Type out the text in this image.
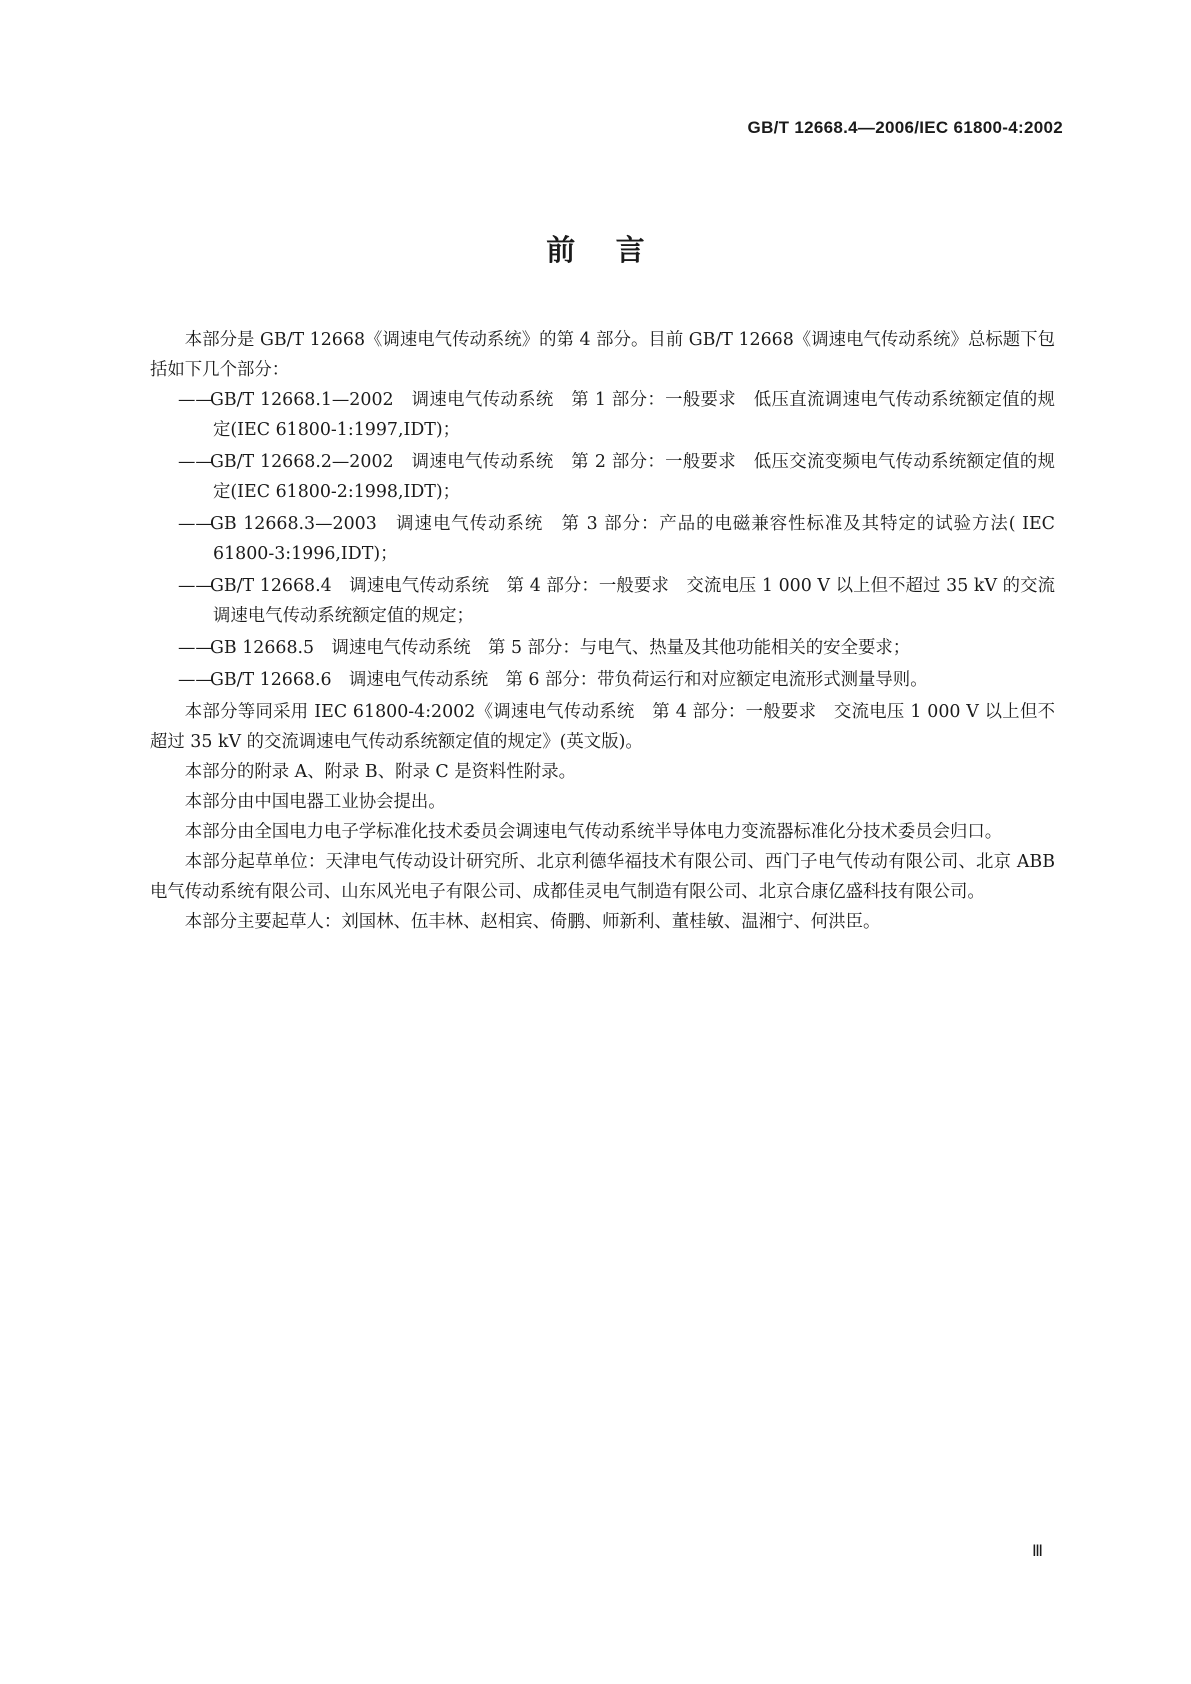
GB/T 12668.4—2006/IEC 61800-4:2002
前    言

本部分是 GB/T 12668《调速电气传动系统》的第 4 部分。目前 GB/T 12668《调速电气传动系统》总标题下包括如下几个部分：

——GB/T 12668.1—2002　调速电气传动系统　第 1 部分：一般要求　低压直流调速电气传动系统额定值的规定(IEC 61800-1:1997,IDT)；
——GB/T 12668.2—2002　调速电气传动系统　第 2 部分：一般要求　低压交流变频电气传动系统额定值的规定(IEC 61800-2:1998,IDT)；
——GB 12668.3—2003　调速电气传动系统　第 3 部分：产品的电磁兼容性标准及其特定的试验方法( IEC 61800-3:1996,IDT)；
——GB/T 12668.4　调速电气传动系统　第 4 部分：一般要求　交流电压 1 000 V 以上但不超过 35 kV 的交流调速电气传动系统额定值的规定；
——GB 12668.5　调速电气传动系统　第 5 部分：与电气、热量及其他功能相关的安全要求；
——GB/T 12668.6　调速电气传动系统　第 6 部分：带负荷运行和对应额定电流形式测量导则。

本部分等同采用 IEC 61800-4:2002《调速电气传动系统　第 4 部分：一般要求　交流电压 1 000 V 以上但不超过 35 kV 的交流调速电气传动系统额定值的规定》(英文版)。

本部分的附录 A、附录 B、附录 C 是资料性附录。

本部分由中国电器工业协会提出。

本部分由全国电力电子学标准化技术委员会调速电气传动系统半导体电力变流器标准化分技术委员会归口。

本部分起草单位：天津电气传动设计研究所、北京利德华福技术有限公司、西门子电气传动有限公司、北京 ABB 电气传动系统有限公司、山东风光电子有限公司、成都佳灵电气制造有限公司、北京合康亿盛科技有限公司。

本部分主要起草人：刘国林、伍丰林、赵相宾、倚鹏、师新利、董桂敏、温湘宁、何洪臣。

Ⅲ
